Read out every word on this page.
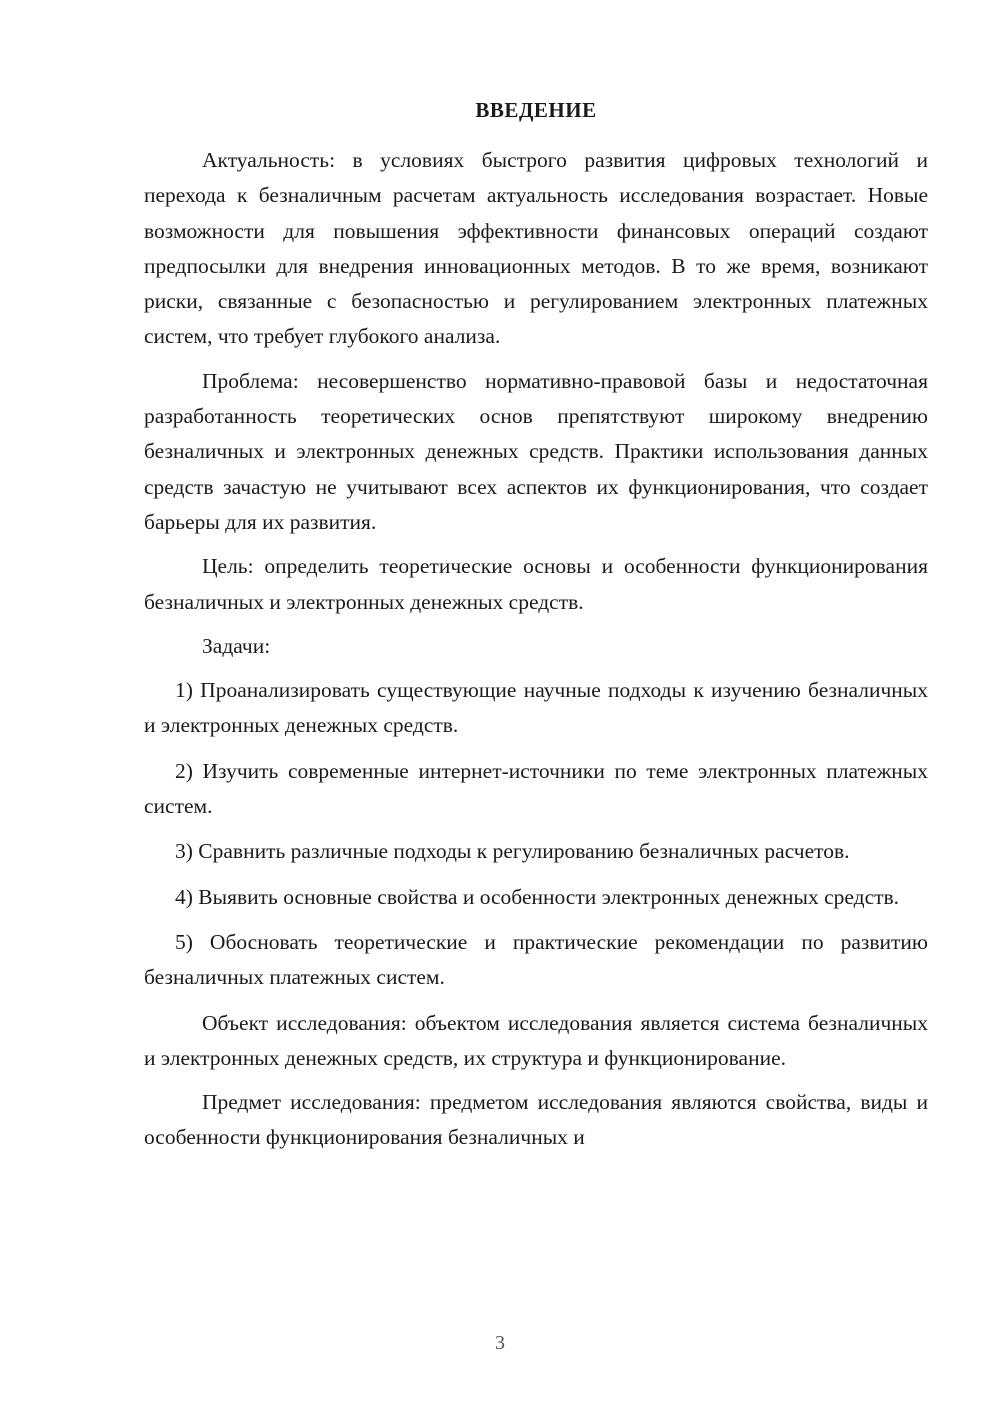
ВВЕДЕНИЕ

Актуальность: в условиях быстрого развития цифровых технологий и перехода к безналичным расчетам актуальность исследования возрастает. Новые возможности для повышения эффективности финансовых операций создают предпосылки для внедрения инновационных методов. В то же время, возникают риски, связанные с безопасностью и регулированием электронных платежных систем, что требует глубокого анализа.

Проблема: несовершенство нормативно-правовой базы и недостаточная разработанность теоретических основ препятствуют широкому внедрению безналичных и электронных денежных средств. Практики использования данных средств зачастую не учитывают всех аспектов их функционирования, что создает барьеры для их развития.

Цель: определить теоретические основы и особенности функционирования безналичных и электронных денежных средств.

Задачи:

1) Проанализировать существующие научные подходы к изучению безналичных и электронных денежных средств.

2) Изучить современные интернет-источники по теме электронных платежных систем.

3) Сравнить различные подходы к регулированию безналичных расчетов.

4) Выявить основные свойства и особенности электронных денежных средств.

5) Обосновать теоретические и практические рекомендации по развитию безналичных платежных систем.

Объект исследования: объектом исследования является система безналичных и электронных денежных средств, их структура и функционирование.

Предмет исследования: предметом исследования являются свойства, виды и особенности функционирования безналичных и

3
